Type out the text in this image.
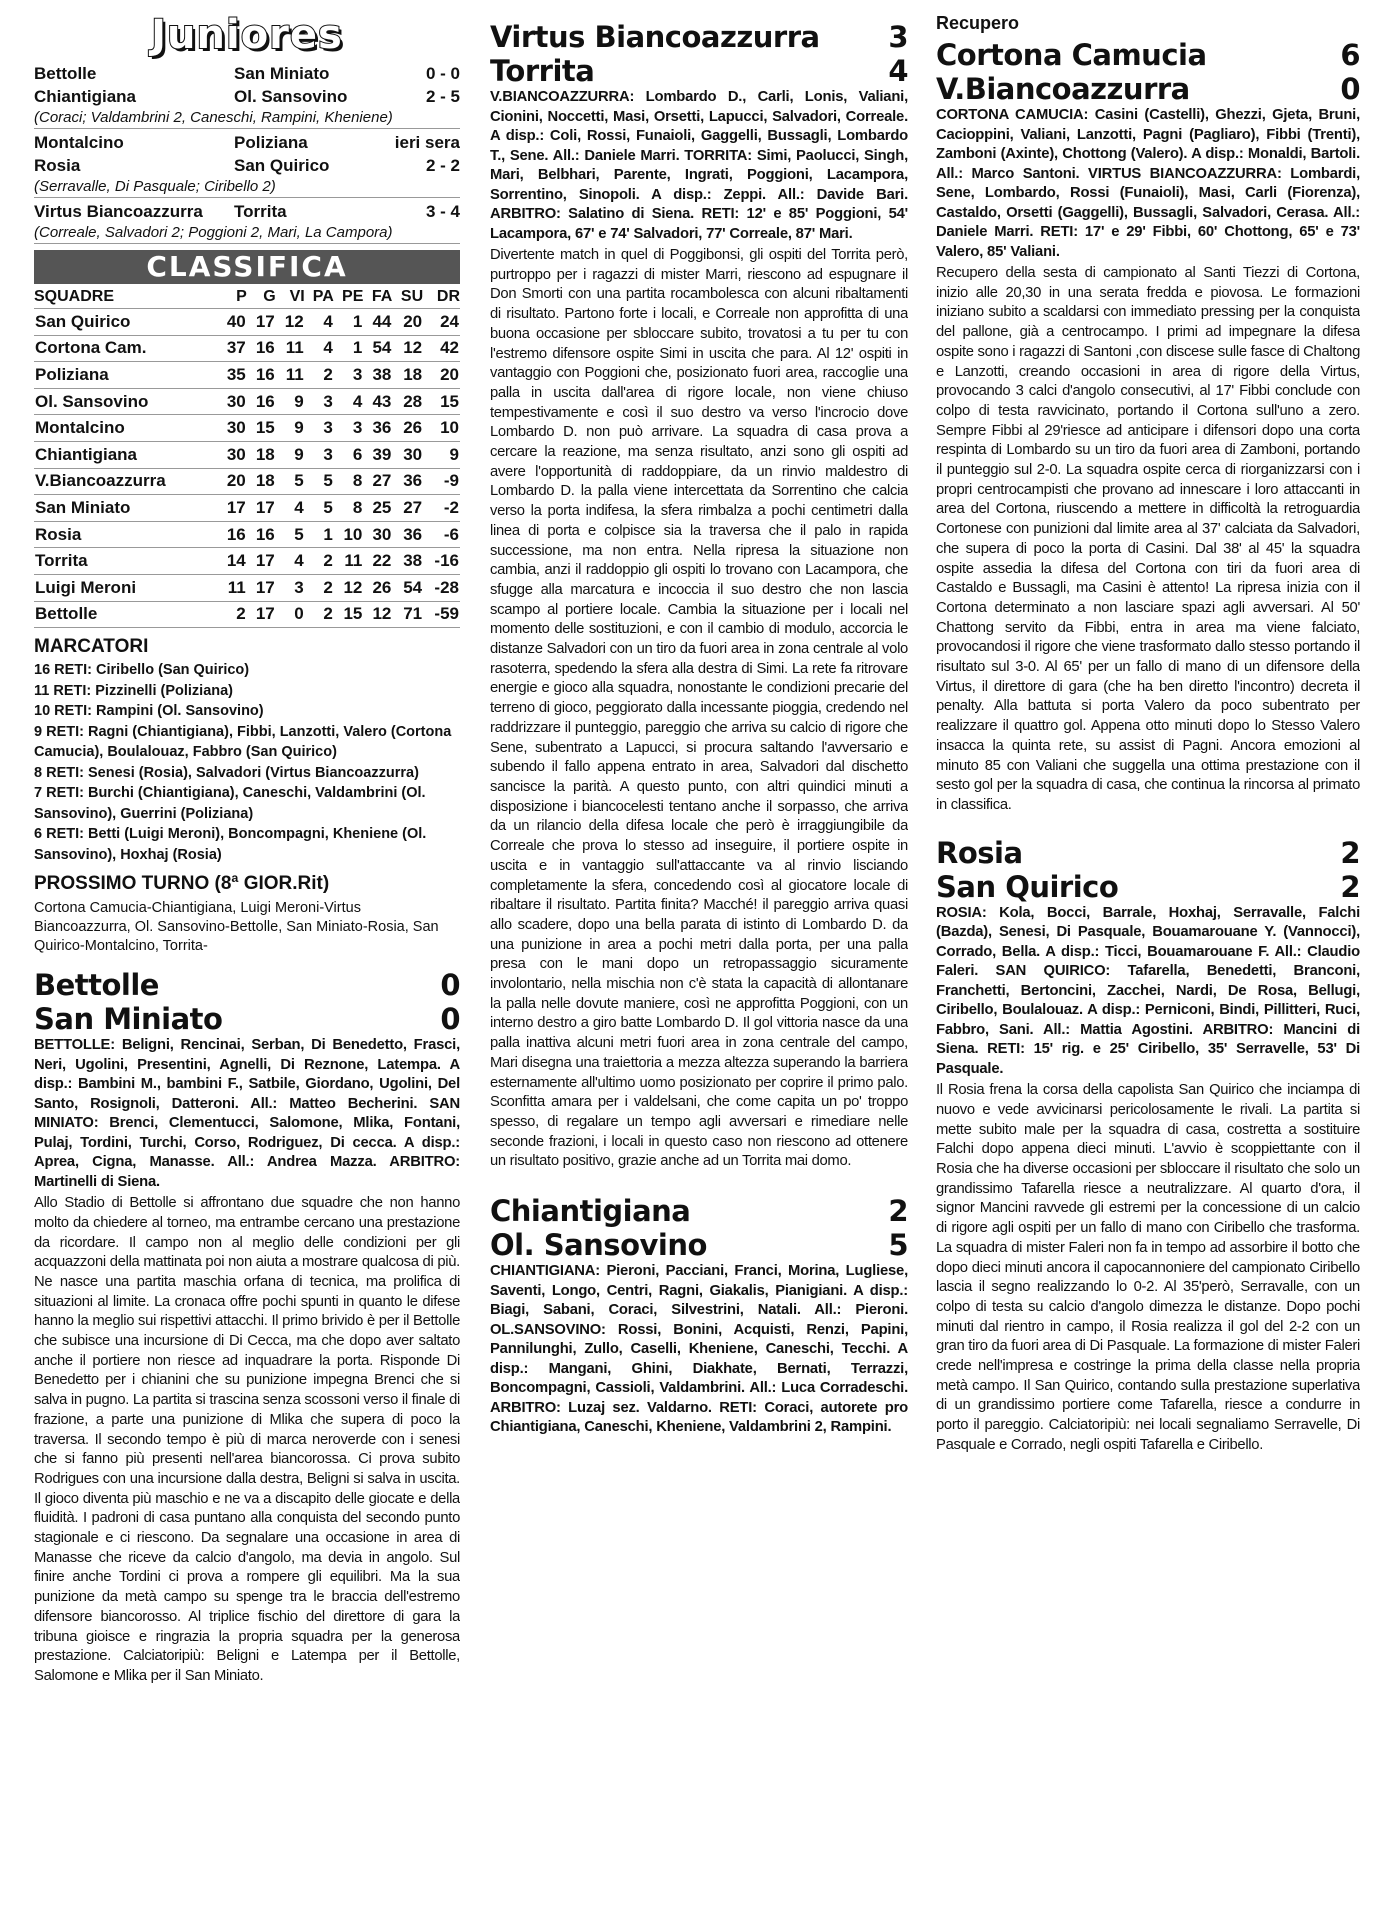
Juniores
Bettolle	San Miniato	0 - 0
Chiantigiana	Ol. Sansovino	2 - 5
(Coraci; Valdambrini 2, Caneschi, Rampini, Kheniene)
Montalcino	Poliziana	ieri sera
Rosia	San Quirico	2 - 2
(Serravalle, Di Pasquale; Ciribello 2)
Virtus Biancoazzurra	Torrita	3 - 4
(Correale, Salvadori 2; Poggioni 2, Mari, La Campora)
CLASSIFICA
SQUADRE	P	G	VI	PA	PE	FA	SU	DR
San Quirico	40	17	12	4	1	44	20	24
Cortona Cam.	37	16	11	4	1	54	12	42
Poliziana	35	16	11	2	3	38	18	20
Ol. Sansovino	30	16	9	3	4	43	28	15
Montalcino	30	15	9	3	3	36	26	10
Chiantigiana	30	18	9	3	6	39	30	9
V.Biancoazzurra	20	18	5	5	8	27	36	-9
San Miniato	17	17	4	5	8	25	27	-2
Rosia	16	16	5	1	10	30	36	-6
Torrita	14	17	4	2	11	22	38	-16
Luigi Meroni	11	17	3	2	12	26	54	-28
Bettolle	2	17	0	2	15	12	71	-59
MARCATORI
16 RETI: Ciribello (San Quirico)
11 RETI: Pizzinelli (Poliziana)
10 RETI: Rampini (Ol. Sansovino)
9 RETI: Ragni (Chiantigiana), Fibbi, Lanzotti, Valero (Cortona Camucia), Boulalouaz, Fabbro (San Quirico)
8 RETI: Senesi (Rosia), Salvadori (Virtus Biancoazzurra)
7 RETI: Burchi (Chiantigiana), Caneschi, Valdambrini (Ol. Sansovino), Guerrini (Poliziana)
6 RETI: Betti (Luigi Meroni), Boncompagni, Kheniene (Ol. Sansovino), Hoxhaj (Rosia)
PROSSIMO TURNO (8ª GIOR.Rit)
Cortona Camucia-Chiantigiana, Luigi Meroni-Virtus Biancoazzurra, Ol. Sansovino-Bettolle, San Miniato-Rosia, San Quirico-Montalcino, Torrita-
Bettolle	0
San Miniato	0
BETTOLLE: Beligni, Rencinai, Serban, Di Benedetto, Frasci, Neri, Ugolini, Presentini, Agnelli, Di Reznone, Latempa. A disp.: Bambini M., bambini F., Satbile, Giordano, Ugolini, Del Santo, Rosignoli, Datteroni. All.: Matteo Becherini. SAN MINIATO: Brenci, Clementucci, Salomone, Mlika, Fontani, Pulaj, Tordini, Turchi, Corso, Rodriguez, Di cecca. A disp.: Aprea, Cigna, Manasse. All.: Andrea Mazza. ARBITRO: Martinelli di Siena.
Allo Stadio di Bettolle si affrontano due squadre che non hanno molto da chiedere al torneo, ma entrambe cercano una prestazione da ricordare. Il campo non al meglio delle condizioni per gli acquazzoni della mattinata poi non aiuta a mostrare qualcosa di più. Ne nasce una partita maschia orfana di tecnica, ma prolifica di situazioni al limite. La cronaca offre pochi spunti in quanto le difese hanno la meglio sui rispettivi attacchi. Il primo brivido è per il Bettolle che subisce una incursione di Di Cecca, ma che dopo aver saltato anche il portiere non riesce ad inquadrare la porta. Risponde Di Benedetto per i chianini che su punizione impegna Brenci che si salva in pugno. La partita si trascina senza scossoni verso il finale di frazione, a parte una punizione di Mlika che supera di poco la traversa. Il secondo tempo è più di marca neroverde con i senesi che si fanno più presenti nell'area biancorossa. Ci prova subito Rodrigues con una incursione dalla destra, Beligni si salva in uscita. Il gioco diventa più maschio e ne va a discapito delle giocate e della fluidità. I padroni di casa puntano alla conquista del secondo punto stagionale e ci riescono. Da segnalare una occasione in area di Manasse che riceve da calcio d'angolo, ma devia in angolo. Sul finire anche Tordini ci prova a rompere gli equilibri. Ma la sua punizione da metà campo su spenge tra le braccia dell'estremo difensore biancorosso. Al triplice fischio del direttore di gara la tribuna gioisce e ringrazia la propria squadra per la generosa prestazione. Calciatoripiù: Beligni e Latempa per il Bettolle, Salomone e Mlika per il San Miniato.
Virtus Biancoazzurra	3
Torrita	4
V.BIANCOAZZURRA: Lombardo D., Carli, Lonis, Valiani, Cionini, Noccetti, Masi, Orsetti, Lapucci, Salvadori, Correale. A disp.: Coli, Rossi, Funaioli, Gaggelli, Bussagli, Lombardo T., Sene. All.: Daniele Marri. TORRITA: Simi, Paolucci, Singh, Mari, Belbhari, Parente, Ingrati, Poggioni, Lacampora, Sorrentino, Sinopoli. A disp.: Zeppi. All.: Davide Bari. ARBITRO: Salatino di Siena. RETI: 12' e 85' Poggioni, 54' Lacampora, 67' e 74' Salvadori, 77' Correale, 87' Mari.
Divertente match in quel di Poggibonsi, gli ospiti del Torrita però, purtroppo per i ragazzi di mister Marri, riescono ad espugnare il Don Smorti con una partita rocambolesca con alcuni ribaltamenti di risultato. Partono forte i locali, e Correale non approfitta di una buona occasione per sbloccare subito, trovatosi a tu per tu con l'estremo difensore ospite Simi in uscita che para. Al 12' ospiti in vantaggio con Poggioni che, posizionato fuori area, raccoglie una palla in uscita dall'area di rigore locale, non viene chiuso tempestivamente e così il suo destro va verso l'incrocio dove Lombardo D. non può arrivare. La squadra di casa prova a cercare la reazione, ma senza risultato, anzi sono gli ospiti ad avere l'opportunità di raddoppiare, da un rinvio maldestro di Lombardo D. la palla viene intercettata da Sorrentino che calcia verso la porta indifesa, la sfera rimbalza a pochi centimetri dalla linea di porta e colpisce sia la traversa che il palo in rapida successione, ma non entra. Nella ripresa la situazione non cambia, anzi il raddoppio gli ospiti lo trovano con Lacampora, che sfugge alla marcatura e incoccia il suo destro che non lascia scampo al portiere locale. Cambia la situazione per i locali nel momento delle sostituzioni, e con il cambio di modulo, accorcia le distanze Salvadori con un tiro da fuori area in zona centrale al volo rasoterra, spedendo la sfera alla destra di Simi. La rete fa ritrovare energie e gioco alla squadra, nonostante le condizioni precarie del terreno di gioco, peggiorato dalla incessante pioggia, credendo nel raddrizzare il punteggio, pareggio che arriva su calcio di rigore che Sene, subentrato a Lapucci, si procura saltando l'avversario e subendo il fallo appena entrato in area, Salvadori dal dischetto sancisce la parità. A questo punto, con altri quindici minuti a disposizione i biancocelesti tentano anche il sorpasso, che arriva da un rilancio della difesa locale che però è irraggiungibile da Correale che prova lo stesso ad inseguire, il portiere ospite in uscita e in vantaggio sull'attaccante va al rinvio lisciando completamente la sfera, concedendo così al giocatore locale di ribaltare il risultato. Partita finita? Macché! il pareggio arriva quasi allo scadere, dopo una bella parata di istinto di Lombardo D. da una punizione in area a pochi metri dalla porta, per una palla presa con le mani dopo un retropassaggio sicuramente involontario, nella mischia non c'è stata la capacità di allontanare la palla nelle dovute maniere, così ne approfitta Poggioni, con un interno destro a giro batte Lombardo D. Il gol vittoria nasce da una palla inattiva alcuni metri fuori area in zona centrale del campo, Mari disegna una traiettoria a mezza altezza superando la barriera esternamente all'ultimo uomo posizionato per coprire il primo palo. Sconfitta amara per i valdelsani, che come capita un po' troppo spesso, di regalare un tempo agli avversari e rimediare nelle seconde frazioni, i locali in questo caso non riescono ad ottenere un risultato positivo, grazie anche ad un Torrita mai domo.
Chiantigiana	2
Ol. Sansovino	5
CHIANTIGIANA: Pieroni, Pacciani, Franci, Morina, Lugliese, Saventi, Longo, Centri, Ragni, Giakalis, Pianigiani. A disp.: Biagi, Sabani, Coraci, Silvestrini, Natali. All.: Pieroni. OL.SANSOVINO: Rossi, Bonini, Acquisti, Renzi, Papini, Pannilunghi, Zullo, Caselli, Kheniene, Caneschi, Tecchi. A disp.: Mangani, Ghini, Diakhate, Bernati, Terrazzi, Boncompagni, Cassioli, Valdambrini. All.: Luca Corradeschi. ARBITRO: Luzaj sez. Valdarno. RETI: Coraci, autorete pro Chiantigiana, Caneschi, Kheniene, Valdambrini 2, Rampini.
Recupero
Cortona Camucia	6
V.Biancoazzurra	0
CORTONA CAMUCIA: Casini (Castelli), Ghezzi, Gjeta, Bruni, Cacioppini, Valiani, Lanzotti, Pagni (Pagliaro), Fibbi (Trenti), Zamboni (Axinte), Chottong (Valero). A disp.: Monaldi, Bartoli. All.: Marco Santoni. VIRTUS BIANCOAZZURRA: Lombardi, Sene, Lombardo, Rossi (Funaioli), Masi, Carli (Fiorenza), Castaldo, Orsetti (Gaggelli), Bussagli, Salvadori, Cerasa. All.: Daniele Marri. RETI: 17' e 29' Fibbi, 60' Chottong, 65' e 73' Valero, 85' Valiani.
Recupero della sesta di campionato al Santi Tiezzi di Cortona, inizio alle 20,30 in una serata fredda e piovosa. Le formazioni iniziano subito a scaldarsi con immediato pressing per la conquista del pallone, già a centrocampo. I primi ad impegnare la difesa ospite sono i ragazzi di Santoni ,con discese sulle fasce di Chaltong e Lanzotti, creando occasioni in area di rigore della Virtus, provocando 3 calci d'angolo consecutivi, al 17' Fibbi conclude con colpo di testa ravvicinato, portando il Cortona sull'uno a zero. Sempre Fibbi al 29'riesce ad anticipare i difensori dopo una corta respinta di Lombardo su un tiro da fuori area di Zamboni, portando il punteggio sul 2-0. La squadra ospite cerca di riorganizzarsi con i propri centrocampisti che provano ad innescare i loro attaccanti in area del Cortona, riuscendo a mettere in difficoltà la retroguardia Cortonese con punizioni dal limite area al 37' calciata da Salvadori, che supera di poco la porta di Casini. Dal 38' al 45' la squadra ospite assedia la difesa del Cortona con tiri da fuori area di Castaldo e Bussagli, ma Casini è attento! La ripresa inizia con il Cortona determinato a non lasciare spazi agli avversari. Al 50' Chattong servito da Fibbi, entra in area ma viene falciato, provocandosi il rigore che viene trasformato dallo stesso portando il risultato sul 3-0. Al 65' per un fallo di mano di un difensore della Virtus, il direttore di gara (che ha ben diretto l'incontro) decreta il penalty. Alla battuta si porta Valero da poco subentrato per realizzare il quattro gol. Appena otto minuti dopo lo Stesso Valero insacca la quinta rete, su assist di Pagni. Ancora emozioni al minuto 85 con Valiani che suggella una ottima prestazione con il sesto gol per la squadra di casa, che continua la rincorsa al primato in classifica.
Rosia	2
San Quirico	2
ROSIA: Kola, Bocci, Barrale, Hoxhaj, Serravalle, Falchi (Bazda), Senesi, Di Pasquale, Bouamarouane Y. (Vannocci), Corrado, Bella. A disp.: Ticci, Bouamarouane F. All.: Claudio Faleri. SAN QUIRICO: Tafarella, Benedetti, Branconi, Franchetti, Bertoncini, Zacchei, Nardi, De Rosa, Bellugi, Ciribello, Boulalouaz. A disp.: Perniconi, Bindi, Pillitteri, Ruci, Fabbro, Sani. All.: Mattia Agostini. ARBITRO: Mancini di Siena. RETI: 15' rig. e 25' Ciribello, 35' Serravelle, 53' Di Pasquale.
Il Rosia frena la corsa della capolista San Quirico che inciampa di nuovo e vede avvicinarsi pericolosamente le rivali. La partita si mette subito male per la squadra di casa, costretta a sostituire Falchi dopo appena dieci minuti. L'avvio è scoppiettante con il Rosia che ha diverse occasioni per sbloccare il risultato che solo un grandissimo Tafarella riesce a neutralizzare. Al quarto d'ora, il signor Mancini ravvede gli estremi per la concessione di un calcio di rigore agli ospiti per un fallo di mano con Ciribello che trasforma. La squadra di mister Faleri non fa in tempo ad assorbire il botto che dopo dieci minuti ancora il capocannoniere del campionato Ciribello lascia il segno realizzando lo 0-2. Al 35'però, Serravalle, con un colpo di testa su calcio d'angolo dimezza le distanze. Dopo pochi minuti dal rientro in campo, il Rosia realizza il gol del 2-2 con un gran tiro da fuori area di Di Pasquale. La formazione di mister Faleri crede nell'impresa e costringe la prima della classe nella propria metà campo. Il San Quirico, contando sulla prestazione superlativa di un grandissimo portiere come Tafarella, riesce a condurre in porto il pareggio. Calciatoripiù: nei locali segnaliamo Serravelle, Di Pasquale e Corrado, negli ospiti Tafarella e Ciribello.
